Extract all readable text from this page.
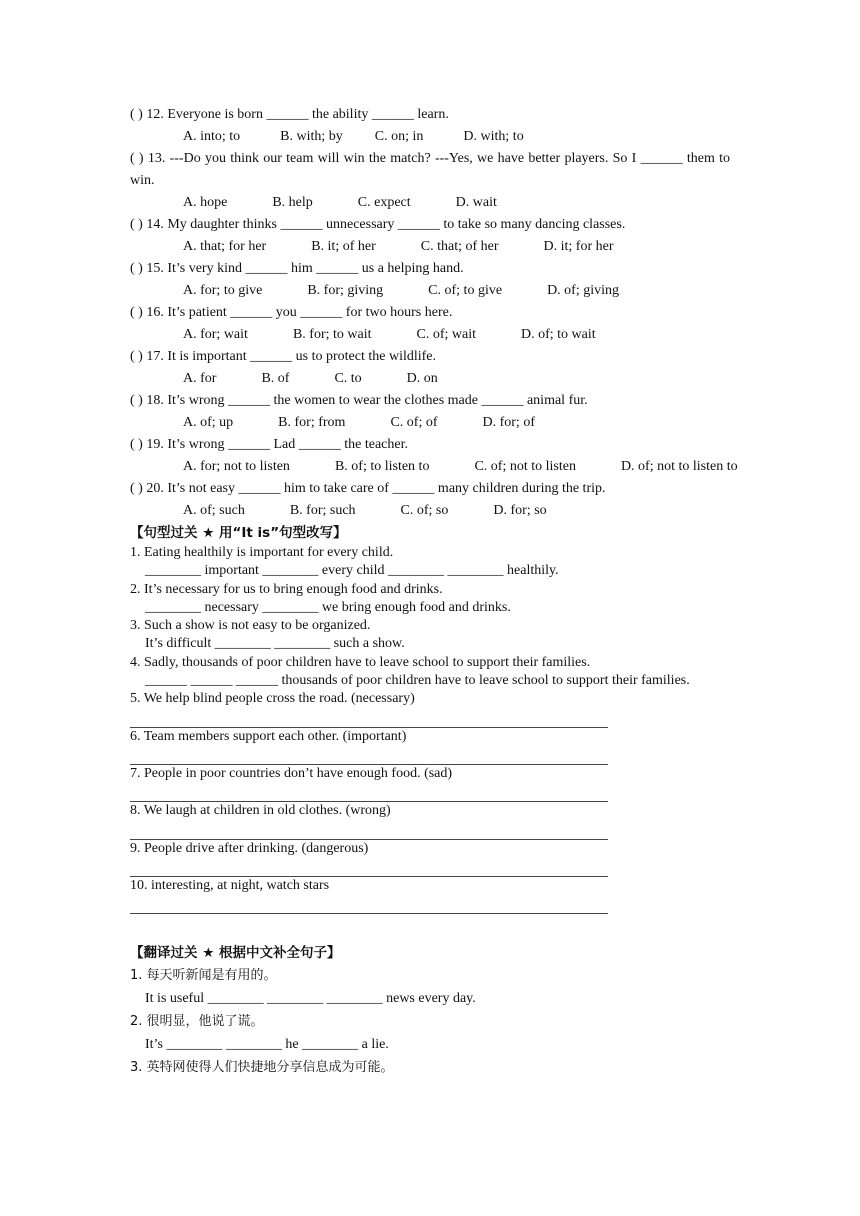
( ) 12. Everyone is born ______ the ability ______ learn.

A. into; to	B. with; by C. on; in	D. with; to

( ) 13. ---Do you think our team will win the match? ---Yes, we have better players. So I ______ them to win.

A. hope	B. help	C. expect	D. wait

( ) 14. My daughter thinks ______ unnecessary ______ to take so many dancing classes.

A. that; for her	B. it; of her	C. that; of her	D. it; for her

( ) 15. It’s very kind ______ him ______ us a helping hand.

A. for; to give	B. for; giving	C. of; to give	D. of; giving

( ) 16. It’s patient ______ you ______ for two hours here.

A. for; wait	B. for; to wait	C. of; wait	D. of; to wait

( ) 17. It is important ______ us to protect the wildlife.

A. for	B. of	C. to	D. on

( ) 18. It’s wrong ______ the women to wear the clothes made ______ animal fur.

A. of; up	B. for; from	C. of; of	D. for; of

( ) 19. It’s wrong ______ Lad ______ the teacher.

A. for; not to listen	B. of; to listen to	C. of; not to listen	D. of; not to listen to

( ) 20. It’s not easy ______ him to take care of ______ many children during the trip.

A. of; such	B. for; such	C. of; so	D. for; so

【句型过关 ★ 用“It is”句型改写】

1. Eating healthily is important for every child.

________ important ________ every child ________ ________ healthily.

2. It’s necessary for us to bring enough food and drinks.

________ necessary ________ we bring enough food and drinks.

3. Such a show is not easy to be organized.

It’s difficult ________ ________ such a show.

4. Sadly, thousands of poor children have to leave school to support their families.

______ ______ ______ thousands of poor children have to leave school to support their families.

5. We help blind people cross the road. (necessary)

6. Team members support each other. (important)

7. People in poor countries don’t have enough food. (sad)

8. We laugh at children in old clothes. (wrong)

9. People drive after drinking. (dangerous)

10. interesting, at night, watch stars

【翻译过关 ★ 根据中文补全句子】

1. 每天听新闻是有用的。

It is useful ________ ________ ________ news every day.

2. 很明显，他说了谎。

It’s ________ ________ he ________ a lie.

3. 英特网使得人们快捷地分享信息成为可能。
